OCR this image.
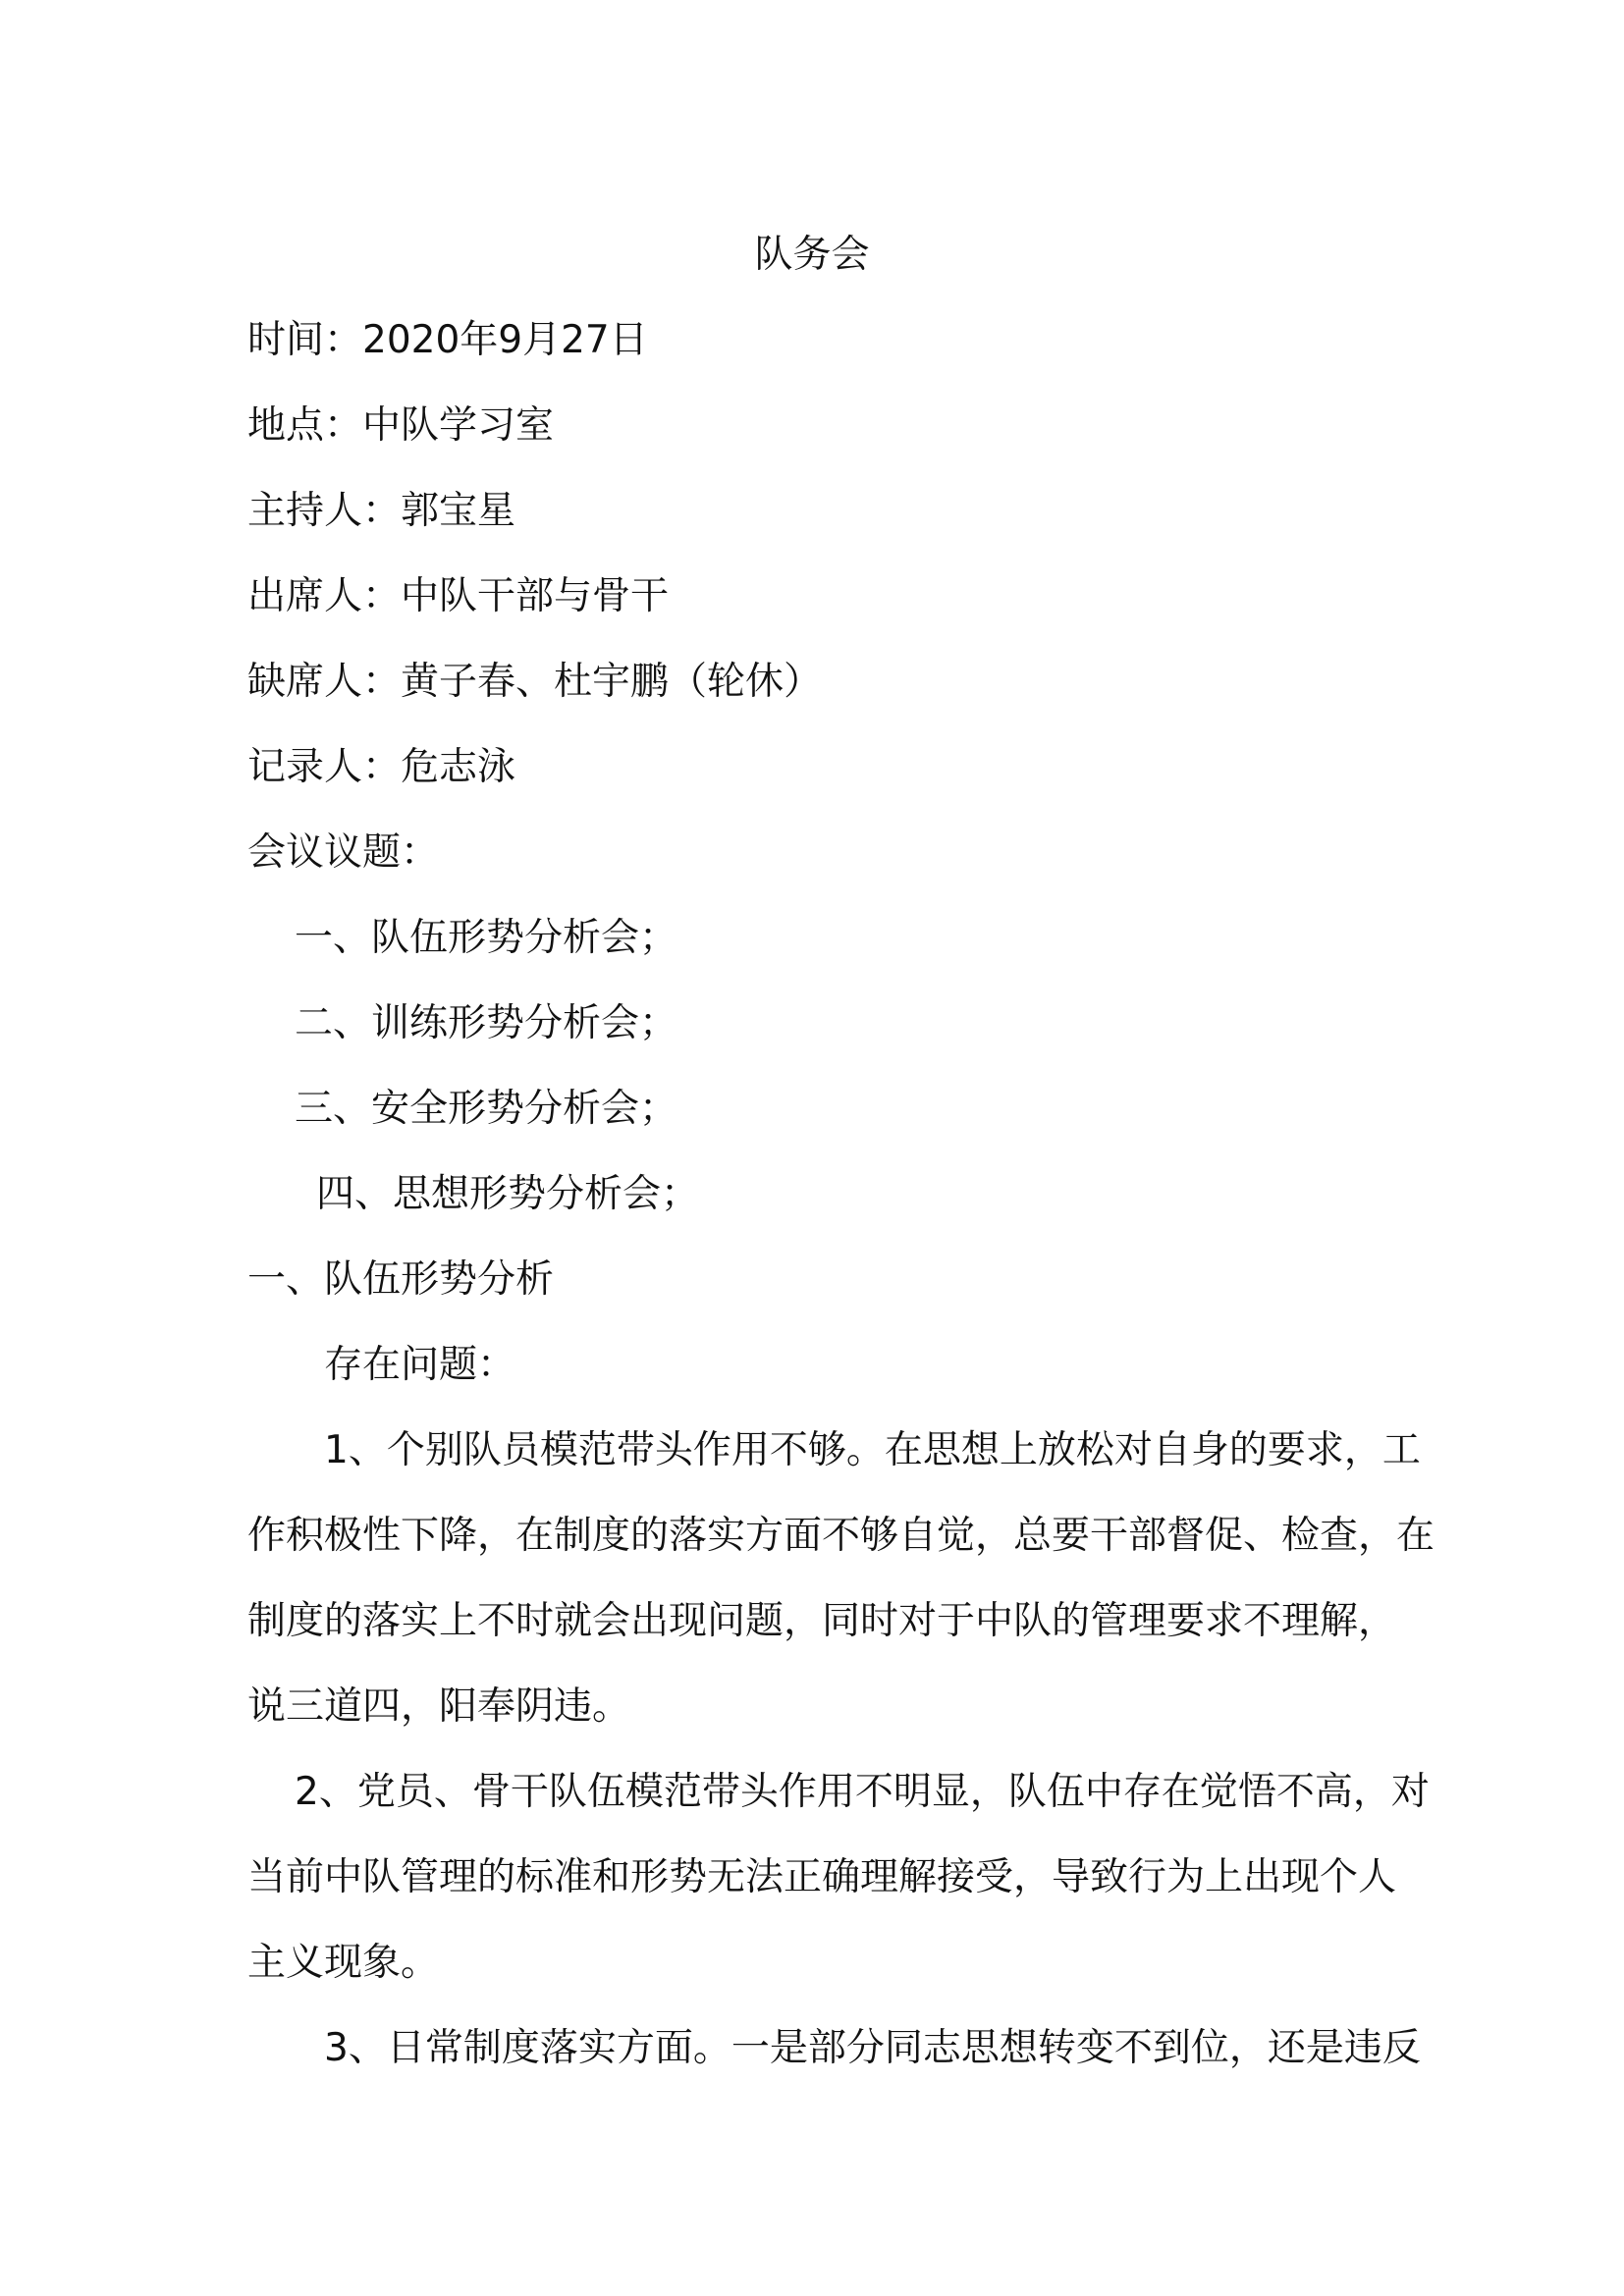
队务会
时间：2020年9月27日
地点：中队学习室
主持人：郭宝星
出席人：中队干部与骨干
缺席人：黄子春、杜宇鹏（轮休）
记录人：危志泳
会议议题：
一、队伍形势分析会；
二、训练形势分析会；
三、安全形势分析会；
四、思想形势分析会；
一、队伍形势分析
存在问题：
1、个别队员模范带头作用不够。在思想上放松对自身的要求，工
作积极性下降，在制度的落实方面不够自觉，总要干部督促、检查，在
制度的落实上不时就会出现问题，同时对于中队的管理要求不理解，
说三道四，阳奉阴违。
2、党员、骨干队伍模范带头作用不明显，队伍中存在觉悟不高，对
当前中队管理的标准和形势无法正确理解接受，导致行为上出现个人
主义现象。
3、日常制度落实方面。一是部分同志思想转变不到位，还是违反
